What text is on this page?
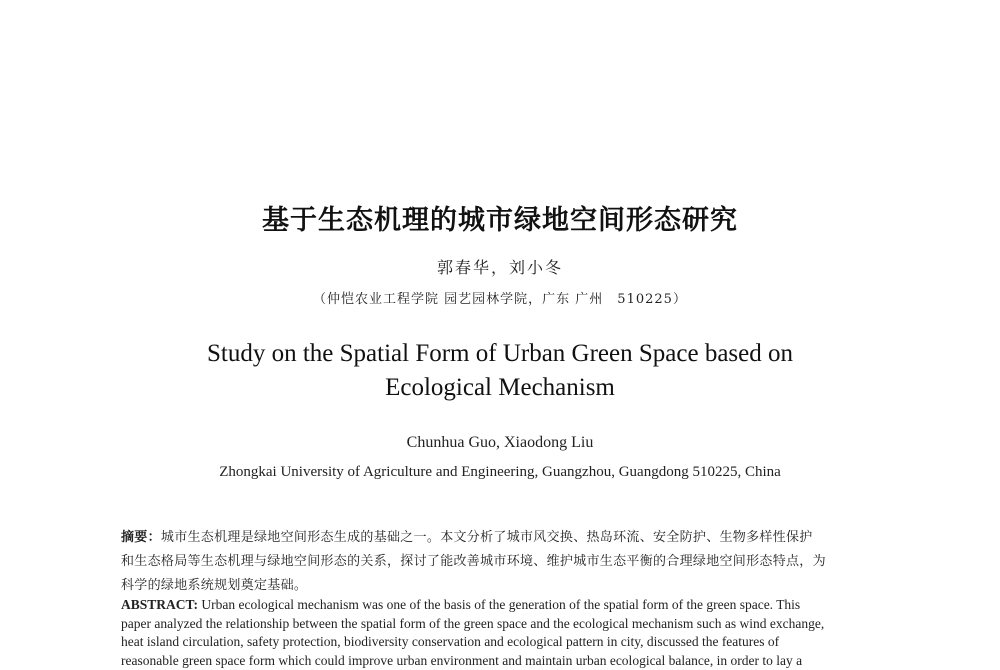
基于生态机理的城市绿地空间形态研究
郭春华，刘小冬
（仲恺农业工程学院 园艺园林学院，广东 广州　510225）
Study on the Spatial Form of Urban Green Space based on
Ecological Mechanism
Chunhua Guo, Xiaodong Liu
Zhongkai University of Agriculture and Engineering, Guangzhou, Guangdong 510225, China
摘要：城市生态机理是绿地空间形态生成的基础之一。本文分析了城市风交换、热岛环流、安全防护、生物多样性保护
和生态格局等生态机理与绿地空间形态的关系，探讨了能改善城市环境、维护城市生态平衡的合理绿地空间形态特点，为
科学的绿地系统规划奠定基础。
ABSTRACT: Urban ecological mechanism was one of the basis of the generation of the spatial form of the green space. This
paper analyzed the relationship between the spatial form of the green space and the ecological mechanism such as wind exchange,
heat island circulation, safety protection, biodiversity conservation and ecological pattern in city, discussed the features of
reasonable green space form which could improve urban environment and maintain urban ecological balance, in order to lay a
